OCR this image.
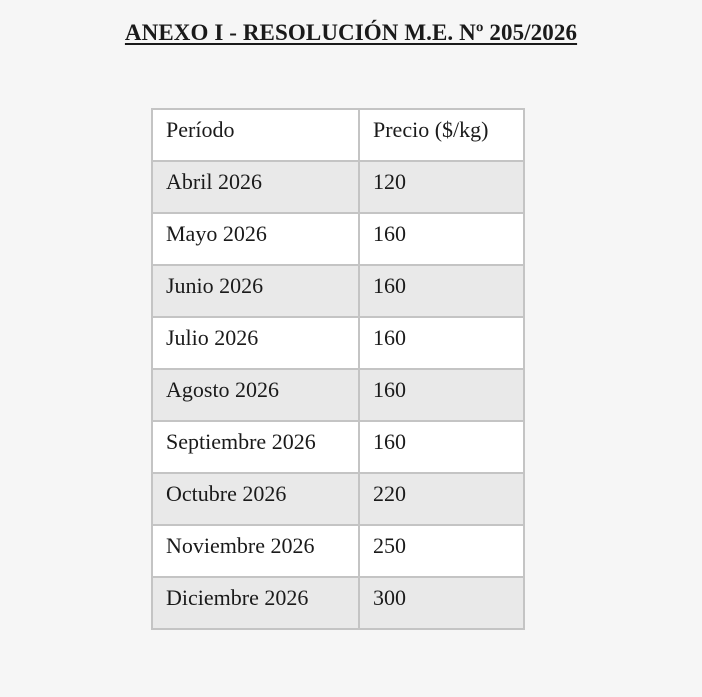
ANEXO I - RESOLUCIÓN M.E. Nº 205/2026
Período	Precio ($/kg)
Abril 2026	120
Mayo 2026	160
Junio 2026	160
Julio 2026	160
Agosto 2026	160
Septiembre 2026	160
Octubre 2026	220
Noviembre 2026	250
Diciembre 2026	300
